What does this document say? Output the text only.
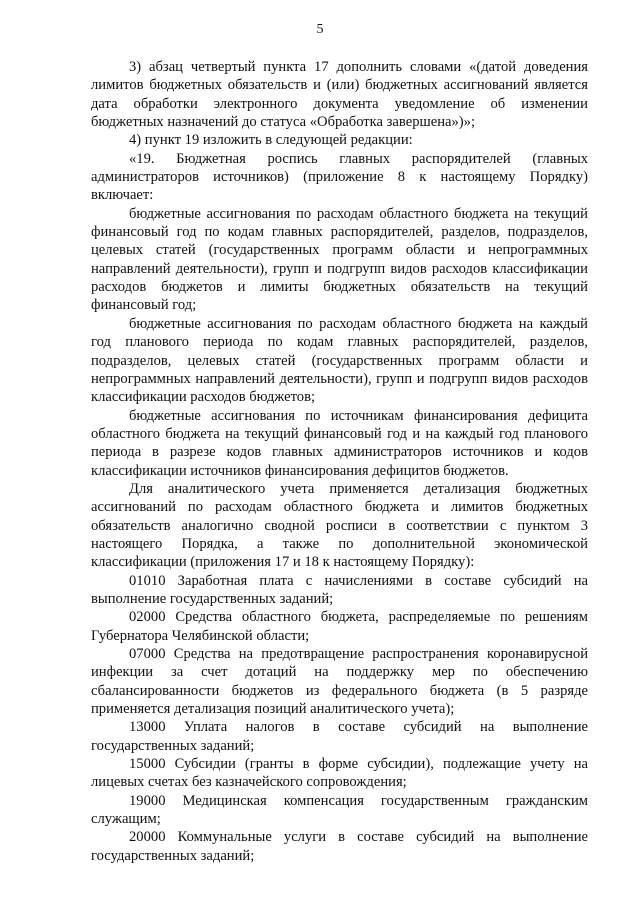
5

3) абзац четвертый пункта 17 дополнить словами «(датой доведения лимитов бюджетных обязательств и (или) бюджетных ассигнований является дата обработки электронного документа уведомление об изменении бюджетных назначений до статуса «Обработка завершена»)»;

4) пункт 19 изложить в следующей редакции:

«19. Бюджетная роспись главных распорядителей (главных администраторов источников) (приложение 8 к настоящему Порядку) включает:

бюджетные ассигнования по расходам областного бюджета на текущий финансовый год по кодам главных распорядителей, разделов, подразделов, целевых статей (государственных программ области и непрограммных направлений деятельности), групп и подгрупп видов расходов классификации расходов бюджетов и лимиты бюджетных обязательств на текущий финансовый год;

бюджетные ассигнования по расходам областного бюджета на каждый год планового периода по кодам главных распорядителей, разделов, подразделов, целевых статей (государственных программ области и непрограммных направлений деятельности), групп и подгрупп видов расходов классификации расходов бюджетов;

бюджетные ассигнования по источникам финансирования дефицита областного бюджета на текущий финансовый год и на каждый год планового периода в разрезе кодов главных администраторов источников и кодов классификации источников финансирования дефицитов бюджетов.

Для аналитического учета применяется детализация бюджетных ассигнований по расходам областного бюджета и лимитов бюджетных обязательств аналогично сводной росписи в соответствии с пунктом 3 настоящего Порядка, а также по дополнительной экономической классификации (приложения 17 и 18 к настоящему Порядку):

01010 Заработная плата с начислениями в составе субсидий на выполнение государственных заданий;

02000 Средства областного бюджета, распределяемые по решениям Губернатора Челябинской области;

07000 Средства на предотвращение распространения коронавирусной инфекции за счет дотаций на поддержку мер по обеспечению сбалансированности бюджетов из федерального бюджета (в 5 разряде применяется детализация позиций аналитического учета);

13000 Уплата налогов в составе субсидий на выполнение государственных заданий;

15000 Субсидии (гранты в форме субсидии), подлежащие учету на лицевых счетах без казначейского сопровождения;

19000 Медицинская компенсация государственным гражданским служащим;

20000 Коммунальные услуги в составе субсидий на выполнение государственных заданий;
